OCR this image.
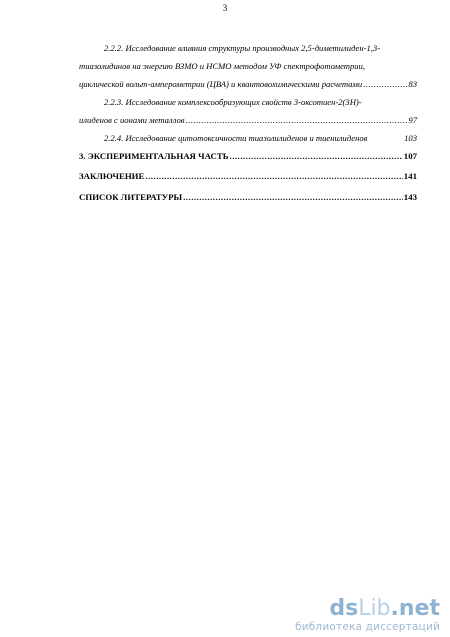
3
2.2.2. Исследование влияния структуры производных 2,5-диметилиден-1,3-
тиазолидинов на энергию ВЗМО и НСМО методом УФ спектрофотометрии,
циклической вольт-амперометрии (ЦВА) и квантовохимическими расчетами .....	83
2.2.3. Исследование комплексообразующих свойств 3-оксотиен-2(3Н)-
илиденов с ионами металлов .....	97
2.2.4. Исследование цитотоксичности тиазолилиденов и тиенилиденов	103
3. ЭКСПЕРИМЕНТАЛЬНАЯ ЧАСТЬ .....	107
ЗАКЛЮЧЕНИЕ .....	141
СПИСОК ЛИТЕРАТУРЫ .....	143
ds Lib .net
библиотека диссертаций
